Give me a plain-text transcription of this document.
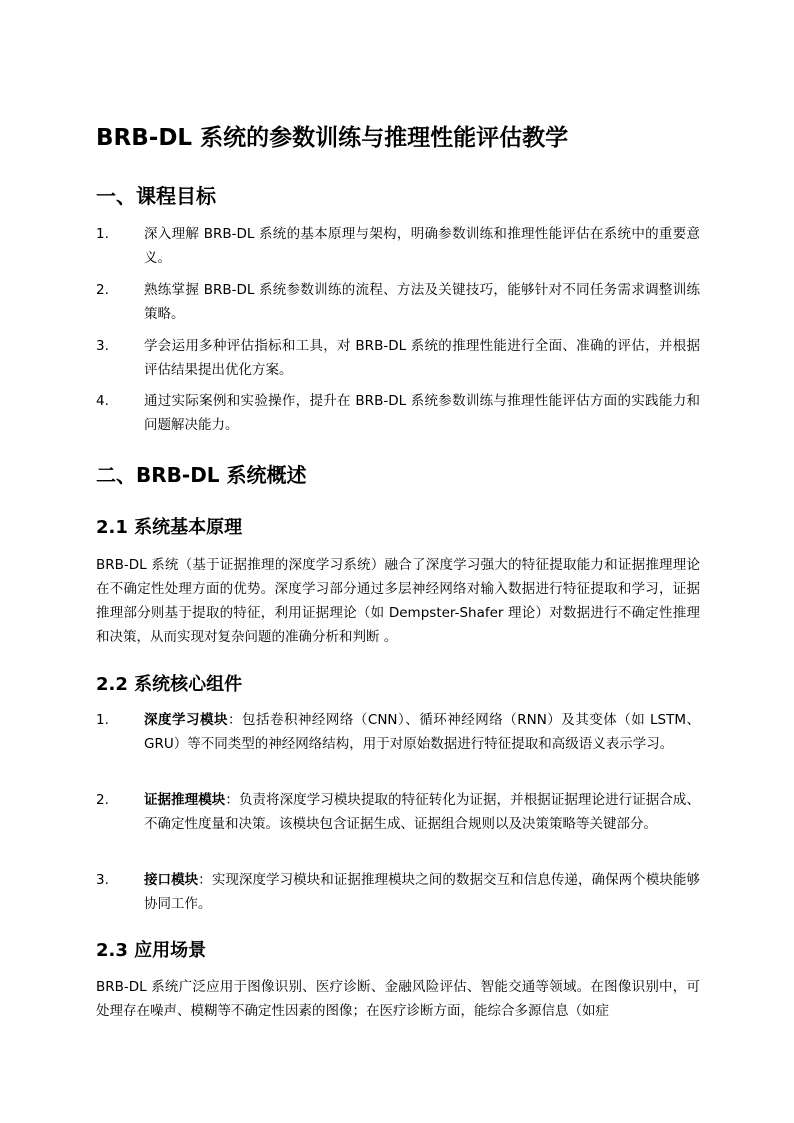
BRB-DL 系统的参数训练与推理性能评估教学
一、课程目标
1.	深入理解 BRB-DL 系统的基本原理与架构，明确参数训练和推理性能评估在系统中的重要意义。
2.	熟练掌握 BRB-DL 系统参数训练的流程、方法及关键技巧，能够针对不同任务需求调整训练策略。
3.	学会运用多种评估指标和工具，对 BRB-DL 系统的推理性能进行全面、准确的评估，并根据评估结果提出优化方案。
4.	通过实际案例和实验操作，提升在 BRB-DL 系统参数训练与推理性能评估方面的实践能力和问题解决能力。
二、BRB-DL 系统概述
2.1 系统基本原理

BRB-DL 系统（基于证据推理的深度学习系统）融合了深度学习强大的特征提取能力和证据推理理论在不确定性处理方面的优势。深度学习部分通过多层神经网络对输入数据进行特征提取和学习，证据推理部分则基于提取的特征，利用证据理论（如 Dempster-Shafer 理论）对数据进行不确定性推理和决策，从而实现对复杂问题的准确分析和判断 。

2.2 系统核心组件
1.	深度学习模块：包括卷积神经网络（CNN）、循环神经网络（RNN）及其变体（如 LSTM、GRU）等不同类型的神经网络结构，用于对原始数据进行特征提取和高级语义表示学习。
2.	证据推理模块：负责将深度学习模块提取的特征转化为证据，并根据证据理论进行证据合成、不确定性度量和决策。该模块包含证据生成、证据组合规则以及决策策略等关键部分。
3.	接口模块：实现深度学习模块和证据推理模块之间的数据交互和信息传递，确保两个模块能够协同工作。
2.3 应用场景

BRB-DL 系统广泛应用于图像识别、医疗诊断、金融风险评估、智能交通等领域。在图像识别中，可处理存在噪声、模糊等不确定性因素的图像；在医疗诊断方面，能综合多源信息（如症
